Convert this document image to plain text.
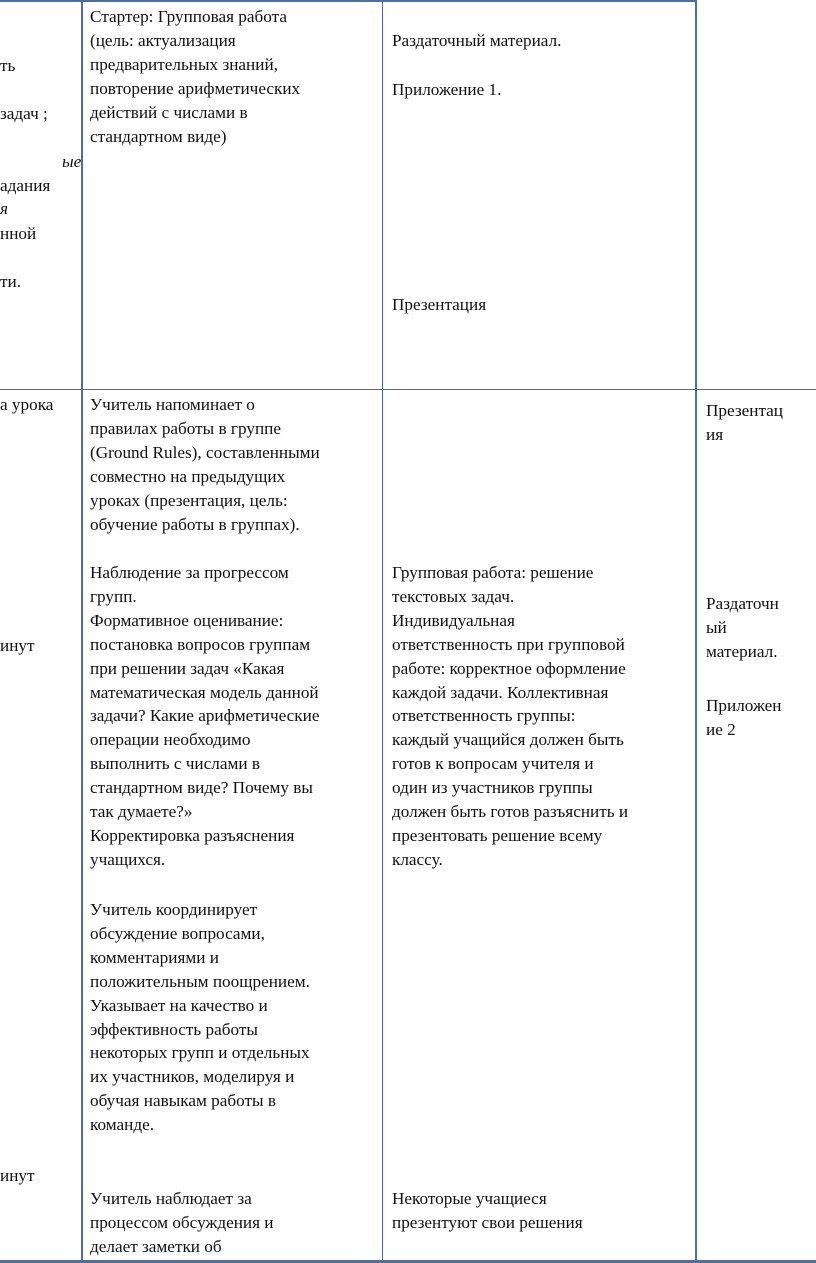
ть

задач ;

ые

я

адания

нной

ти.

Стартер: Групповая работа
(цель: актуализация
предварительных знаний,
повторение арифметических
действий с числами в
стандартном виде)

Раздаточный материал.

Приложение 1.

Презентация

а урока
инут
инут
Учитель напоминает о
правилах работы в группе
(Ground Rules), составленными
совместно на предыдущих
уроках (презентация, цель:
обучение работы в группах).
Наблюдение за прогрессом
групп.
Формативное оценивание:
постановка вопросов группам
при решении задач «Какая
математическая модель данной
задачи? Какие арифметические
операции необходимо
выполнить с числами в
стандартном виде? Почему вы
так думаете?»
Корректировка разъяснения
учащихся.
Учитель координирует
обсуждение вопросами,
комментариями и
положительным поощрением.
Указывает на качество и
эффективность работы
некоторых групп и отдельных
их участников, моделируя и
обучая навыкам работы в
команде.
Учитель наблюдает за
процессом обсуждения и
делает заметки об
Групповая работа: решение
текстовых задач.
Индивидуальная
ответственность при групповой
работе: корректное оформление
каждой задачи. Коллективная
ответственность группы:
каждый учащийся должен быть
готов к вопросам учителя и
один из участников группы
должен быть готов разъяснить и
презентовать решение всему
классу.
Некоторые учащиеся
презентуют свои решения
Презентац
ия
Раздаточн
ый
материал.
Приложен
ие 2
